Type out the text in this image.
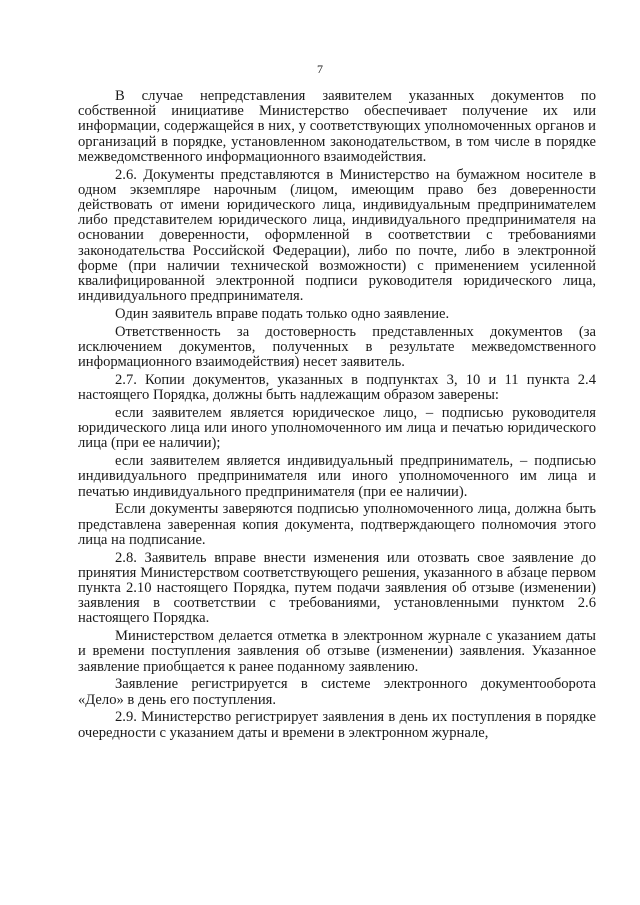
7

В случае непредставления заявителем указанных документов по собственной инициативе Министерство обеспечивает получение их или информации, содержащейся в них, у соответствующих уполномоченных органов и организаций в порядке, установленном законодательством, в том числе в порядке межведомственного информационного взаимодействия.

2.6. Документы представляются в Министерство на бумажном носителе в одном экземпляре нарочным (лицом, имеющим право без доверенности действовать от имени юридического лица, индивидуальным предпринимателем либо представителем юридического лица, индивидуального предпринимателя на основании доверенности, оформленной в соответствии с требованиями законодательства Российской Федерации), либо по почте, либо в электронной форме (при наличии технической возможности) с применением усиленной квалифицированной электронной подписи руководителя юридического лица, индивидуального предпринимателя.

Один заявитель вправе подать только одно заявление.

Ответственность за достоверность представленных документов (за исключением документов, полученных в результате межведомственного информационного взаимодействия) несет заявитель.

2.7. Копии документов, указанных в подпунктах 3, 10 и 11 пункта 2.4 настоящего Порядка, должны быть надлежащим образом заверены:

если заявителем является юридическое лицо, – подписью руководителя юридического лица или иного уполномоченного им лица и печатью юридического лица (при ее наличии);

если заявителем является индивидуальный предприниматель, – подписью индивидуального предпринимателя или иного уполномоченного им лица и печатью индивидуального предпринимателя (при ее наличии).

Если документы заверяются подписью уполномоченного лица, должна быть представлена заверенная копия документа, подтверждающего полномочия этого лица на подписание.

2.8. Заявитель вправе внести изменения или отозвать свое заявление до принятия Министерством соответствующего решения, указанного в абзаце первом пункта 2.10 настоящего Порядка, путем подачи заявления об отзыве (изменении) заявления в соответствии с требованиями, установленными пунктом 2.6 настоящего Порядка.

Министерством делается отметка в электронном журнале с указанием даты и времени поступления заявления об отзыве (изменении) заявления. Указанное заявление приобщается к ранее поданному заявлению.

Заявление регистрируется в системе электронного документооборота «Дело» в день его поступления.

2.9. Министерство регистрирует заявления в день их поступления в порядке очередности с указанием даты и времени в электронном журнале,
